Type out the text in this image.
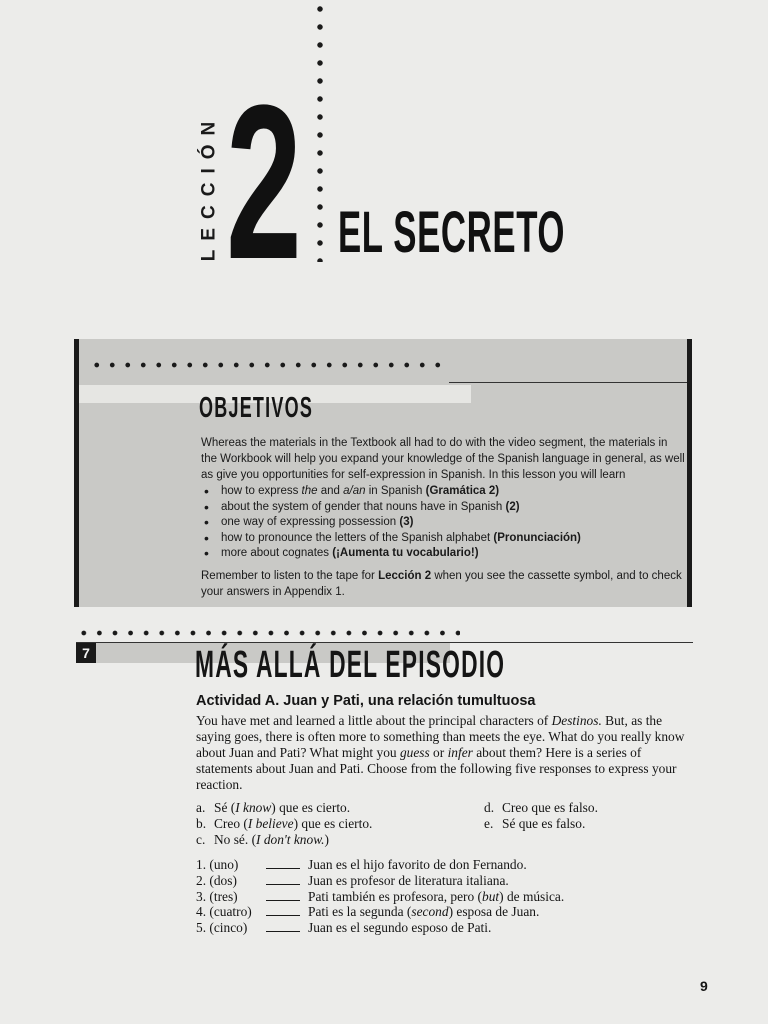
LECCIÓN 2 EL SECRETO
OBJETIVOS

Whereas the materials in the Textbook all had to do with the video segment, the materials in the Workbook will help you expand your knowledge of the Spanish language in general, as well as give you opportunities for self-expression in Spanish. In this lesson you will learn

• how to express the and a/an in Spanish (Gramática 2)
• about the system of gender that nouns have in Spanish (2)
• one way of expressing possession (3)
• how to pronounce the letters of the Spanish alphabet (Pronunciación)
• more about cognates (¡Aumenta tu vocabulario!)

Remember to listen to the tape for Lección 2 when you see the cassette symbol, and to check your answers in Appendix 1.

7	MÁS ALLÁ DEL EPISODIO
Actividad A. Juan y Pati, una relación tumultuosa

You have met and learned a little about the principal characters of Destinos. But, as the saying goes, there is often more to something than meets the eye. What do you really know about Juan and Pati? What might you guess or infer about them? Here is a series of statements about Juan and Pati. Choose from the following five responses to express your reaction.

a. Sé (I know) que es cierto.
b. Creo (I believe) que es cierto.
c. No sé. (I don't know.)
d. Creo que es falso.
e. Sé que es falso.
1. (uno)	Juan es el hijo favorito de don Fernando.
2. (dos)	Juan es profesor de literatura italiana.
3. (tres)	Pati también es profesora, pero (but) de música.
4. (cuatro)	Pati es la segunda (second) esposa de Juan.
5. (cinco)	Juan es el segundo esposo de Pati.
9
